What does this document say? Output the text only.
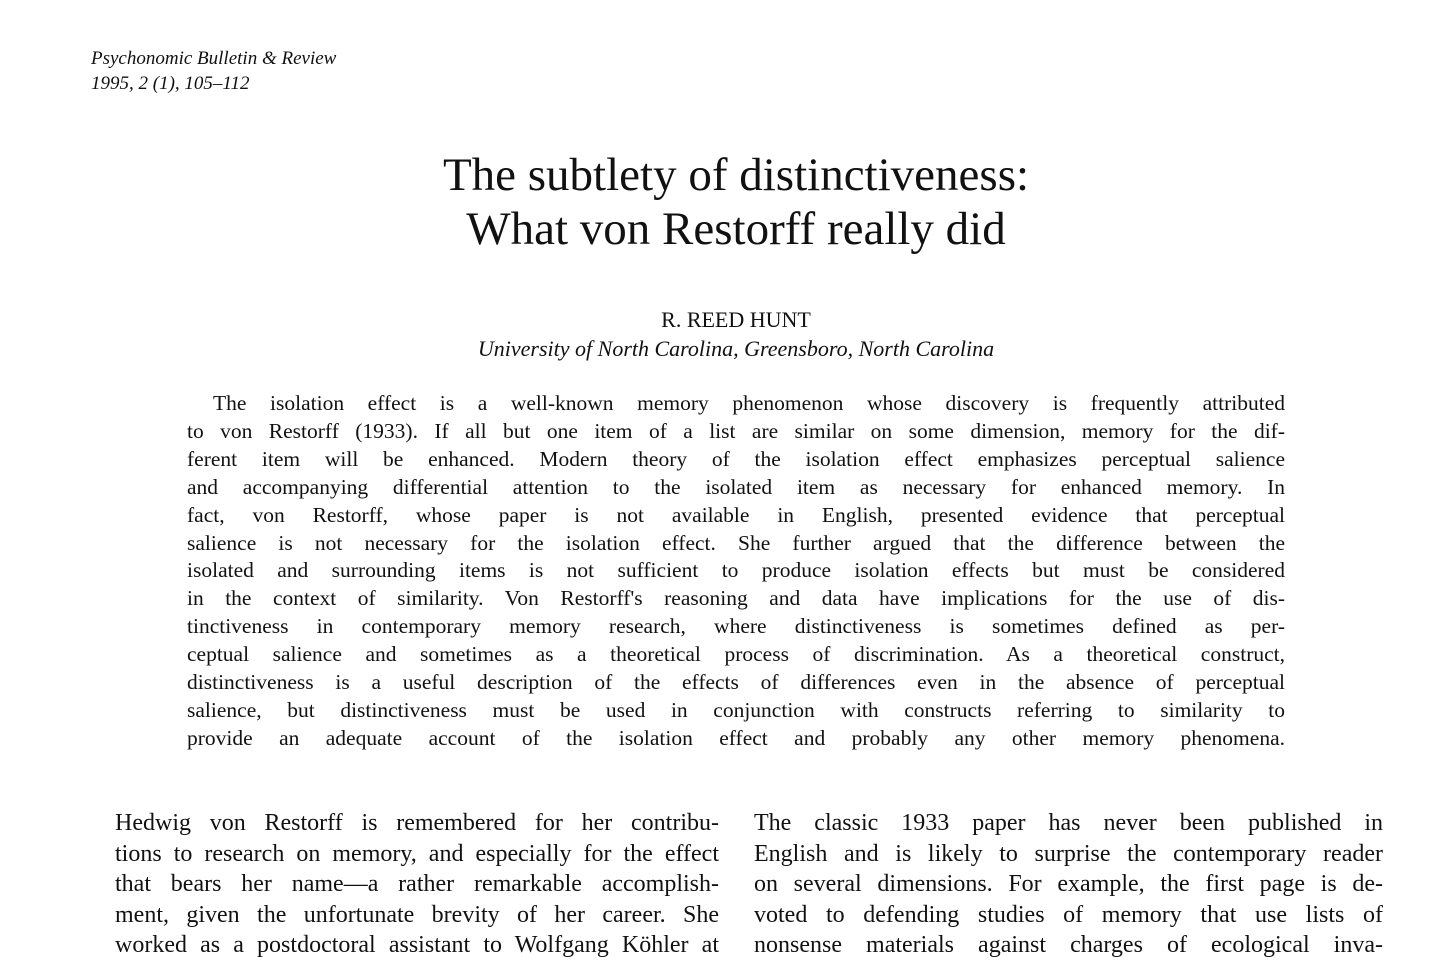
Psychonomic Bulletin & Review
1995, 2 (1), 105–112
The subtlety of distinctiveness:
What von Restorff really did
R. REED HUNT
University of North Carolina, Greensboro, North Carolina
The isolation effect is a well-known memory phenomenon whose discovery is frequently attributed
to von Restorff (1933). If all but one item of a list are similar on some dimension, memory for the dif-
ferent item will be enhanced. Modern theory of the isolation effect emphasizes perceptual salience
and accompanying differential attention to the isolated item as necessary for enhanced memory. In
fact, von Restorff, whose paper is not available in English, presented evidence that perceptual
salience is not necessary for the isolation effect. She further argued that the difference between the
isolated and surrounding items is not sufficient to produce isolation effects but must be considered
in the context of similarity. Von Restorff's reasoning and data have implications for the use of dis-
tinctiveness in contemporary memory research, where distinctiveness is sometimes defined as per-
ceptual salience and sometimes as a theoretical process of discrimination. As a theoretical construct,
distinctiveness is a useful description of the effects of differences even in the absence of perceptual
salience, but distinctiveness must be used in conjunction with constructs referring to similarity to
provide an adequate account of the isolation effect and probably any other memory phenomena.
Hedwig von Restorff is remembered for her contribu-
tions to research on memory, and especially for the effect
that bears her name—a rather remarkable accomplish-
ment, given the unfortunate brevity of her career. She
worked as a postdoctoral assistant to Wolfgang Köhler at
The classic 1933 paper has never been published in
English and is likely to surprise the contemporary reader
on several dimensions. For example, the first page is de-
voted to defending studies of memory that use lists of
nonsense materials against charges of ecological inva-
